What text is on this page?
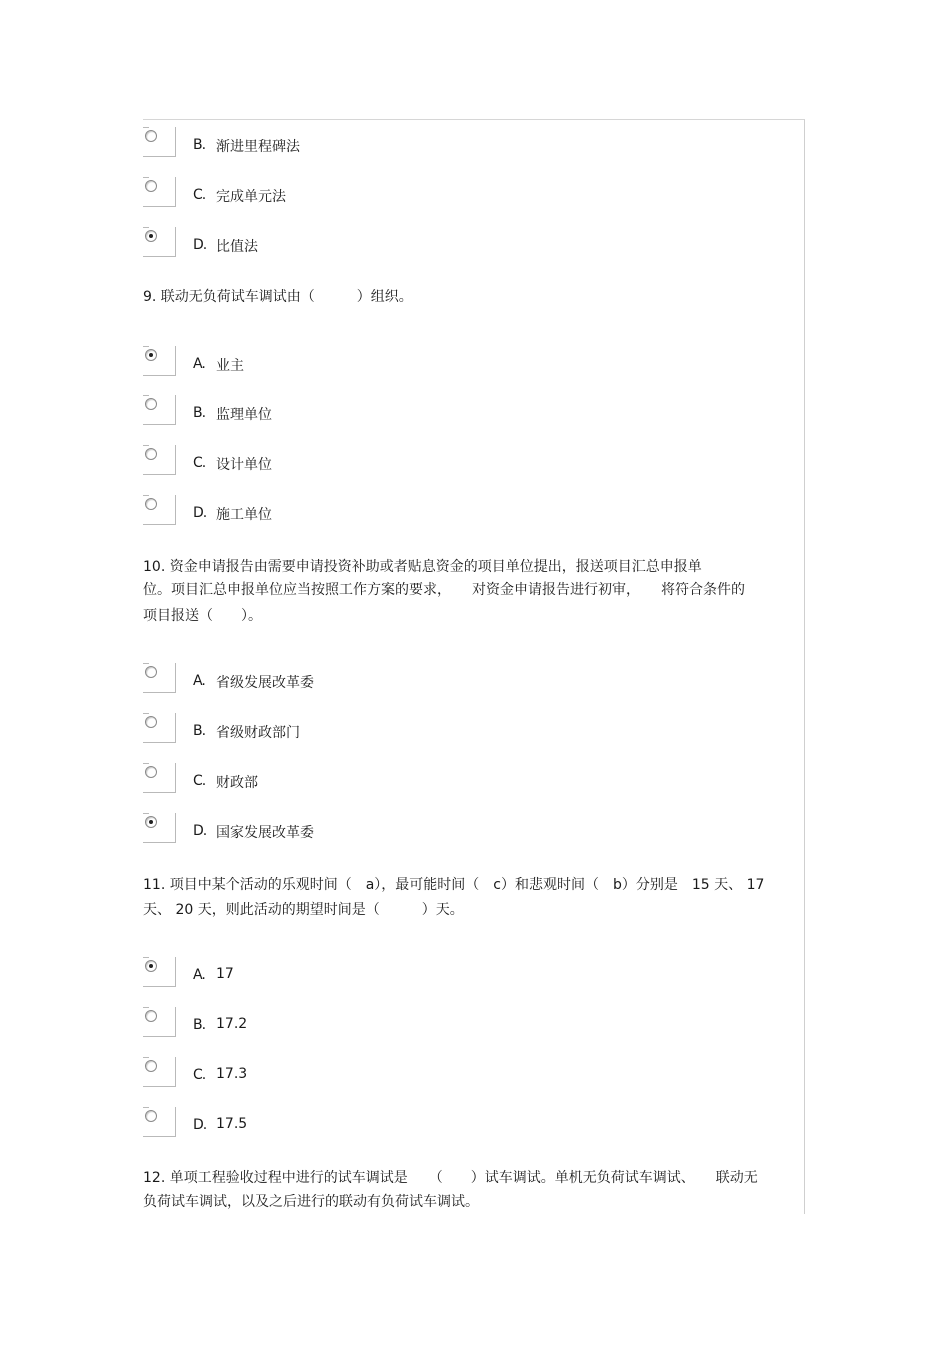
B. 渐进里程碑法
C. 完成单元法
D. 比值法
9. 联动无负荷试车调试由（　　　）组织。
A. 业主
B. 监理单位
C. 设计单位
D. 施工单位
10. 资金申请报告由需要申请投资补助或者贴息资金的项目单位提出，报送项目汇总申报单
位。项目汇总申报单位应当按照工作方案的要求，　　对资金申请报告进行初审，　　将符合条件的
项目报送（　　）。
A. 省级发展改革委
B. 省级财政部门
C. 财政部
D. 国家发展改革委
11. 项目中某个活动的乐观时间（　a），最可能时间（　c）和悲观时间（　b）分别是　15 天、 17
天、 20 天，则此活动的期望时间是（　　　）天。
A. 17
B. 17.2
C. 17.3
D. 17.5
12. 单项工程验收过程中进行的试车调试是　　（　　）试车调试。单机无负荷试车调试、　　联动无
负荷试车调试，以及之后进行的联动有负荷试车调试。
